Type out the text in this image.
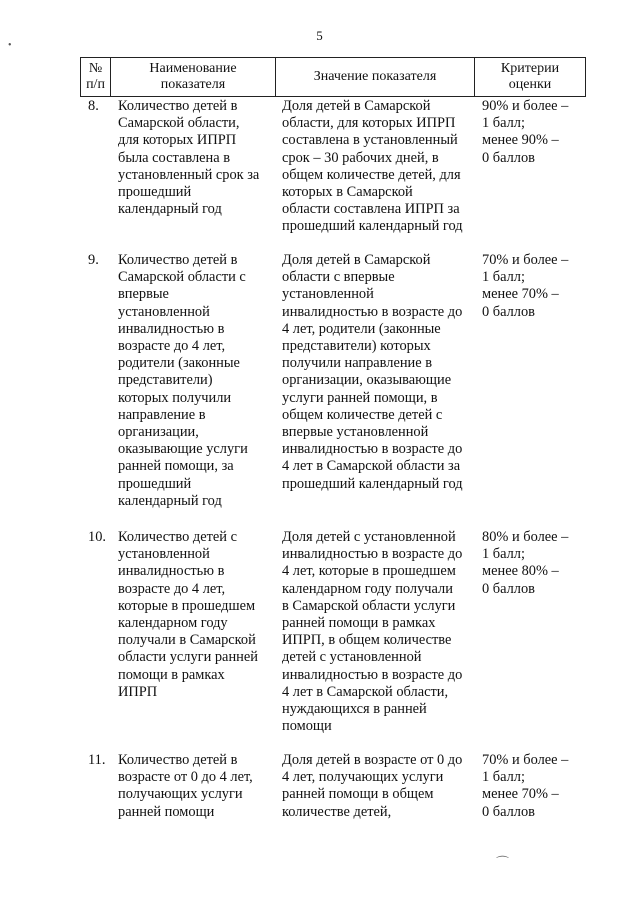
5
№
п/п
Наименование
показателя
Значение показателя
Критерии
оценки
8. Количество детей в
Самарской области,
для которых ИПРП
была составлена в
установленный срок за
прошедший
календарный год
Доля детей в Самарской
области, для которых ИПРП
составлена в установленный
срок – 30 рабочих дней, в
общем количестве детей, для
которых в Самарской
области составлена ИПРП за
прошедший календарный год
90% и более –
1 балл;
менее 90% –
0 баллов
9. Количество детей в
Самарской области с
впервые
установленной
инвалидностью в
возрасте до 4 лет,
родители (законные
представители)
которых получили
направление в
организации,
оказывающие услуги
ранней помощи, за
прошедший
календарный год
Доля детей в Самарской
области с впервые
установленной
инвалидностью в возрасте до
4 лет, родители (законные
представители) которых
получили направление в
организации, оказывающие
услуги ранней помощи, в
общем количестве детей с
впервые установленной
инвалидностью в возрасте до
4 лет в Самарской области за
прошедший календарный год
70% и более –
1 балл;
менее 70% –
0 баллов
10. Количество детей с
установленной
инвалидностью в
возрасте до 4 лет,
которые в прошедшем
календарном году
получали в Самарской
области услуги ранней
помощи в рамках
ИПРП
Доля детей с установленной
инвалидностью в возрасте до
4 лет, которые в прошедшем
календарном году получали
в Самарской области услуги
ранней помощи в рамках
ИПРП, в общем количестве
детей с установленной
инвалидностью в возрасте до
4 лет в Самарской области,
нуждающихся в ранней
помощи
80% и более –
1 балл;
менее 80% –
0 баллов
11. Количество детей в
возрасте от 0 до 4 лет,
получающих услуги
ранней помощи
Доля детей в возрасте от 0 до
4 лет, получающих услуги
ранней помощи в общем
количестве детей,
70% и более –
1 балл;
менее 70% –
0 баллов
•
⌒
